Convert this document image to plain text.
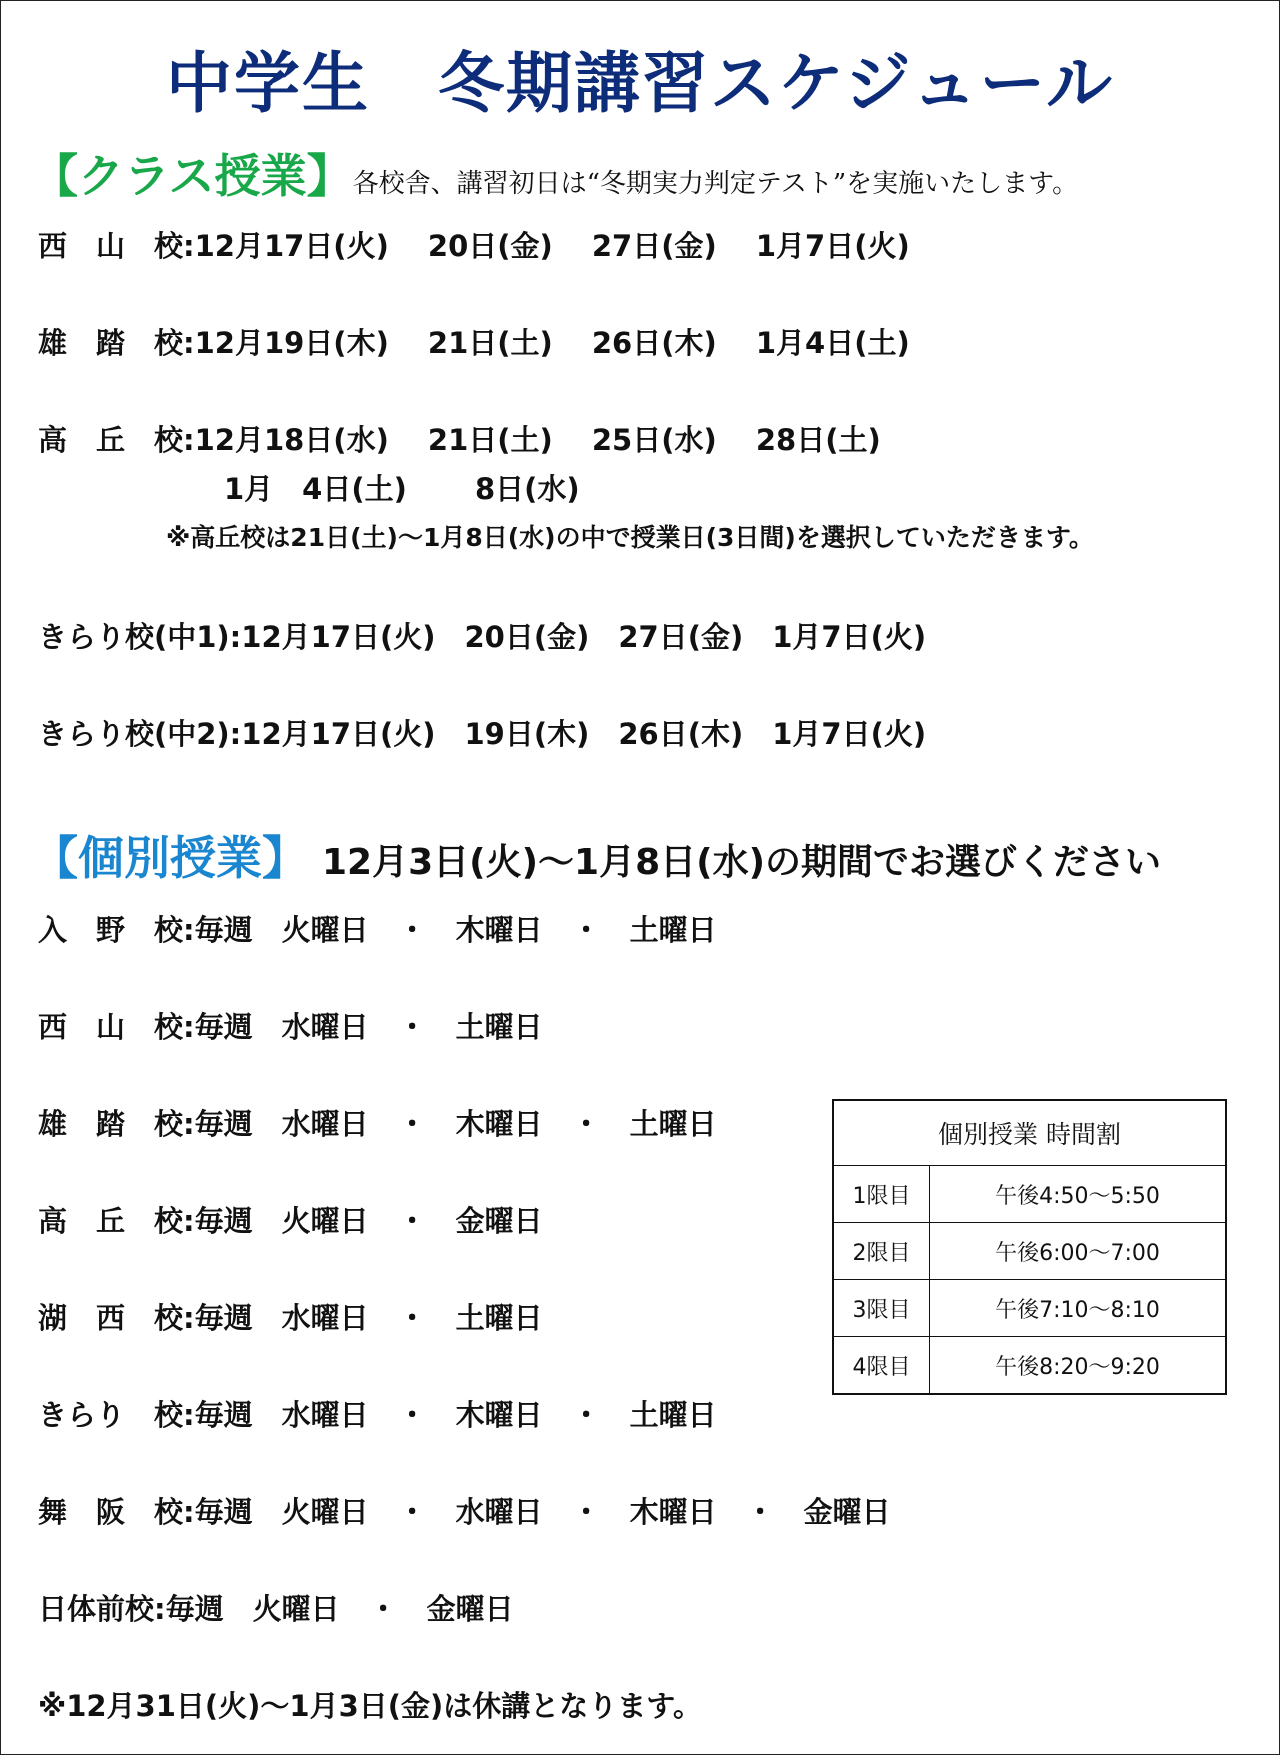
中学生　冬期講習スケジュール
【クラス授業】各校舎、講習初日は“冬期実力判定テスト”を実施いたします。
西　山　校:12月17日(火)　 20日(金)　 27日(金)　 1月7日(火)
雄　踏　校:12月19日(木)　 21日(土)　 26日(木)　 1月4日(土)
高　丘　校:12月18日(水)　 21日(土)　 25日(水)　 28日(土)
1月　4日(土)　　 8日(水)
※高丘校は21日(土)～1月8日(水)の中で授業日(3日間)を選択していただきます。
きらり校(中1):12月17日(火)　20日(金)　27日(金)　1月7日(火)
きらり校(中2):12月17日(火)　19日(木)　26日(木)　1月7日(火)
【個別授業】 12月3日(火)～1月8日(水)の期間でお選びください
入　野　校:毎週　火曜日　・　木曜日　・　土曜日
西　山　校:毎週　水曜日　・　土曜日
雄　踏　校:毎週　水曜日　・　木曜日　・　土曜日
高　丘　校:毎週　火曜日　・　金曜日
湖　西　校:毎週　水曜日　・　土曜日
きらり　校:毎週　水曜日　・　木曜日　・　土曜日
舞　阪　校:毎週　火曜日　・　水曜日　・　木曜日　・　金曜日
日体前校:毎週　火曜日　・　金曜日
※12月31日(火)～1月3日(金)は休講となります。
個別授業 時間割	
1限目	午後4:50～5:50
2限目	午後6:00～7:00
3限目	午後7:10～8:10
4限目	午後8:20～9:20
